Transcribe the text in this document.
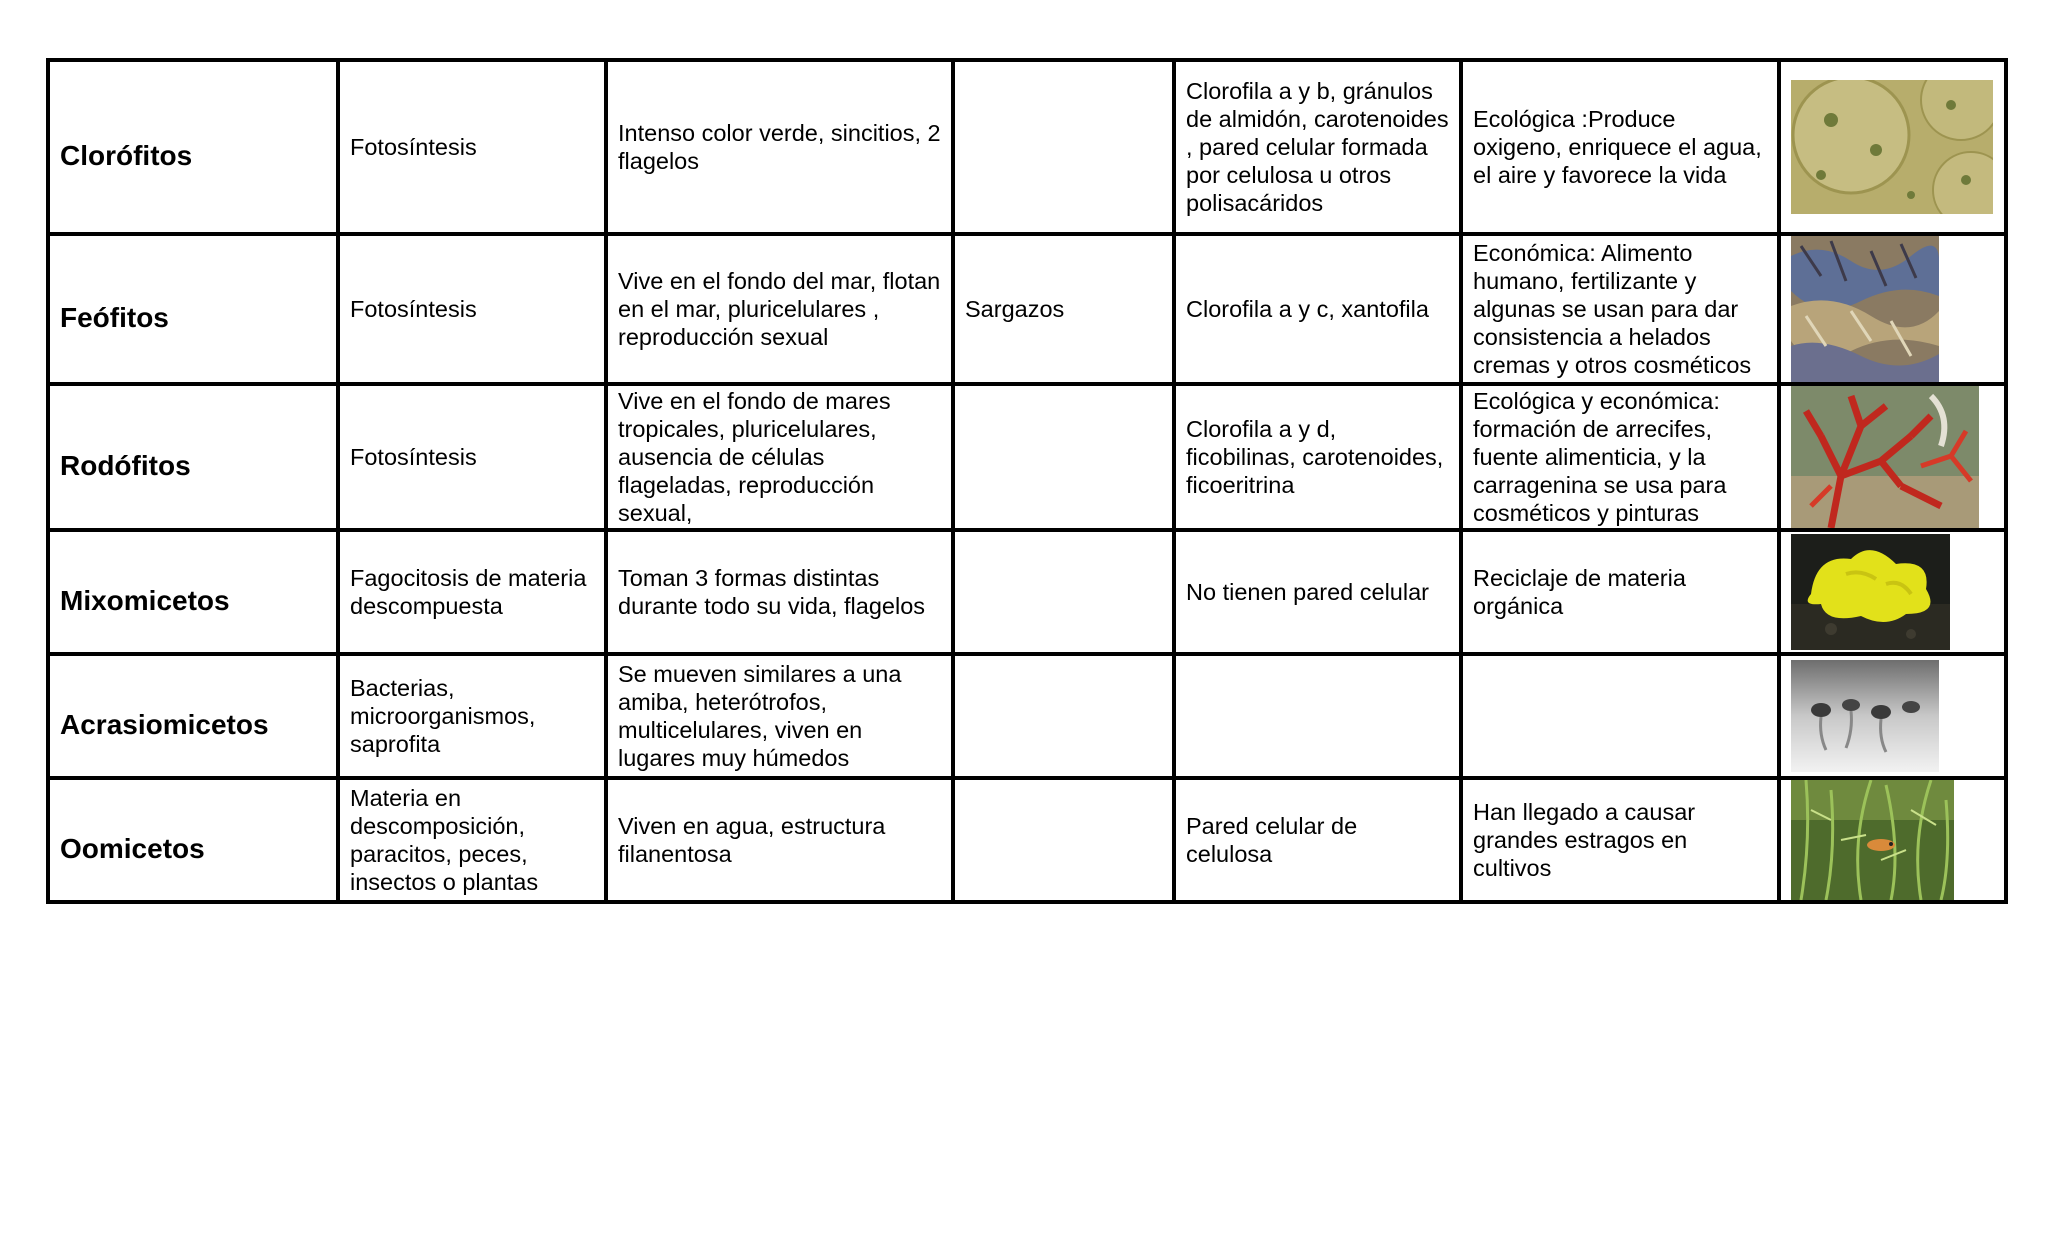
Clorófitos	Fotosíntesis	Intenso color verde, sincitios, 2 flagelos		Clorofila a y b, gránulos de almidón, carotenoides , pared celular formada por celulosa u otros polisacáridos	Ecológica :Produce oxigeno, enriquece el agua, el aire y favorece la vida	

Feófitos	Fotosíntesis	Vive en el fondo del mar, flotan en el mar, pluricelulares , reproducción sexual	Sargazos	Clorofila a y c, xantofila	Económica: Alimento humano, fertilizante y algunas se usan para dar consistencia a helados cremas y otros cosméticos	

Rodófitos	Fotosíntesis	Vive en el fondo de mares tropicales, pluricelulares, ausencia de células flageladas, reproducción sexual,		Clorofila a y d, ficobilinas, carotenoides, ficoeritrina	Ecológica y económica: formación de arrecifes, fuente alimenticia, y la carragenina se usa para cosméticos y pinturas	

Mixomicetos	Fagocitosis de materia descompuesta	Toman 3 formas distintas durante todo su vida, flagelos		No tienen pared celular	Reciclaje de materia orgánica	

Acrasiomicetos	Bacterias, microorganismos, saprofita	Se mueven similares a una amiba, heterótrofos, multicelulares, viven en lugares muy húmedos				

Oomicetos	Materia en descomposición, paracitos, peces, insectos o plantas	Viven en agua, estructura filanentosa		Pared celular de celulosa	Han llegado a causar grandes estragos en cultivos	
